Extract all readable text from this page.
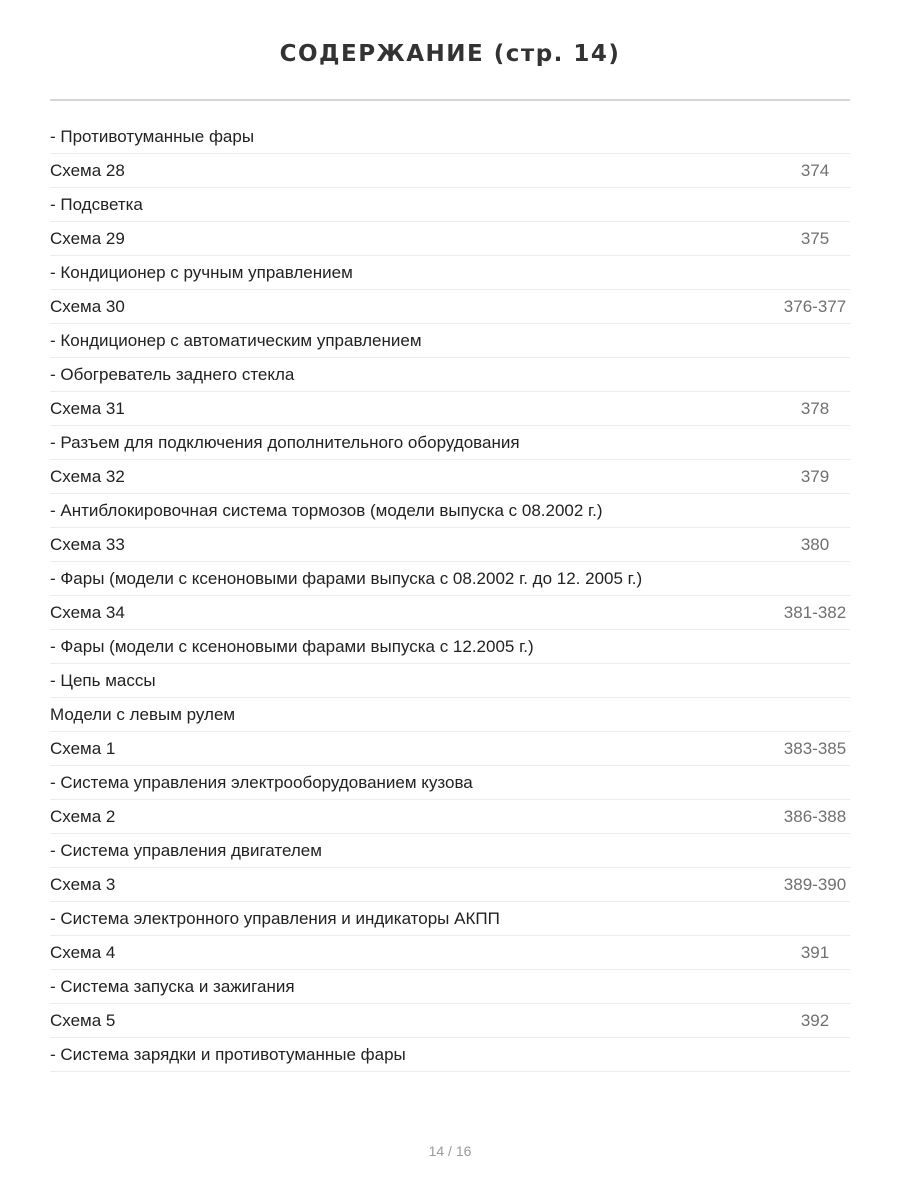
СОДЕРЖАНИЕ (стр. 14)
- Противотуманные фары
Схема 28	374
- Подсветка
Схема 29	375
- Кондиционер с ручным управлением
Схема 30	376-377
- Кондиционер с автоматическим управлением
- Обогреватель заднего стекла
Схема 31	378
- Разъем для подключения дополнительного оборудования
Схема 32	379
- Антиблокировочная система тормозов (модели выпуска с 08.2002 г.)
Схема 33	380
- Фары (модели с ксеноновыми фарами выпуска с 08.2002 г. до 12. 2005 г.)
Схема 34	381-382
- Фары (модели с ксеноновыми фарами выпуска с 12.2005 г.)
- Цепь массы
Модели с левым рулем
Схема 1	383-385
- Система управления электрооборудованием кузова
Схема 2	386-388
- Система управления двигателем
Схема 3	389-390
- Система электронного управления и индикаторы АКПП
Схема 4	391
- Система запуска и зажигания
Схема 5	392
- Система зарядки и противотуманные фары
14 / 16
